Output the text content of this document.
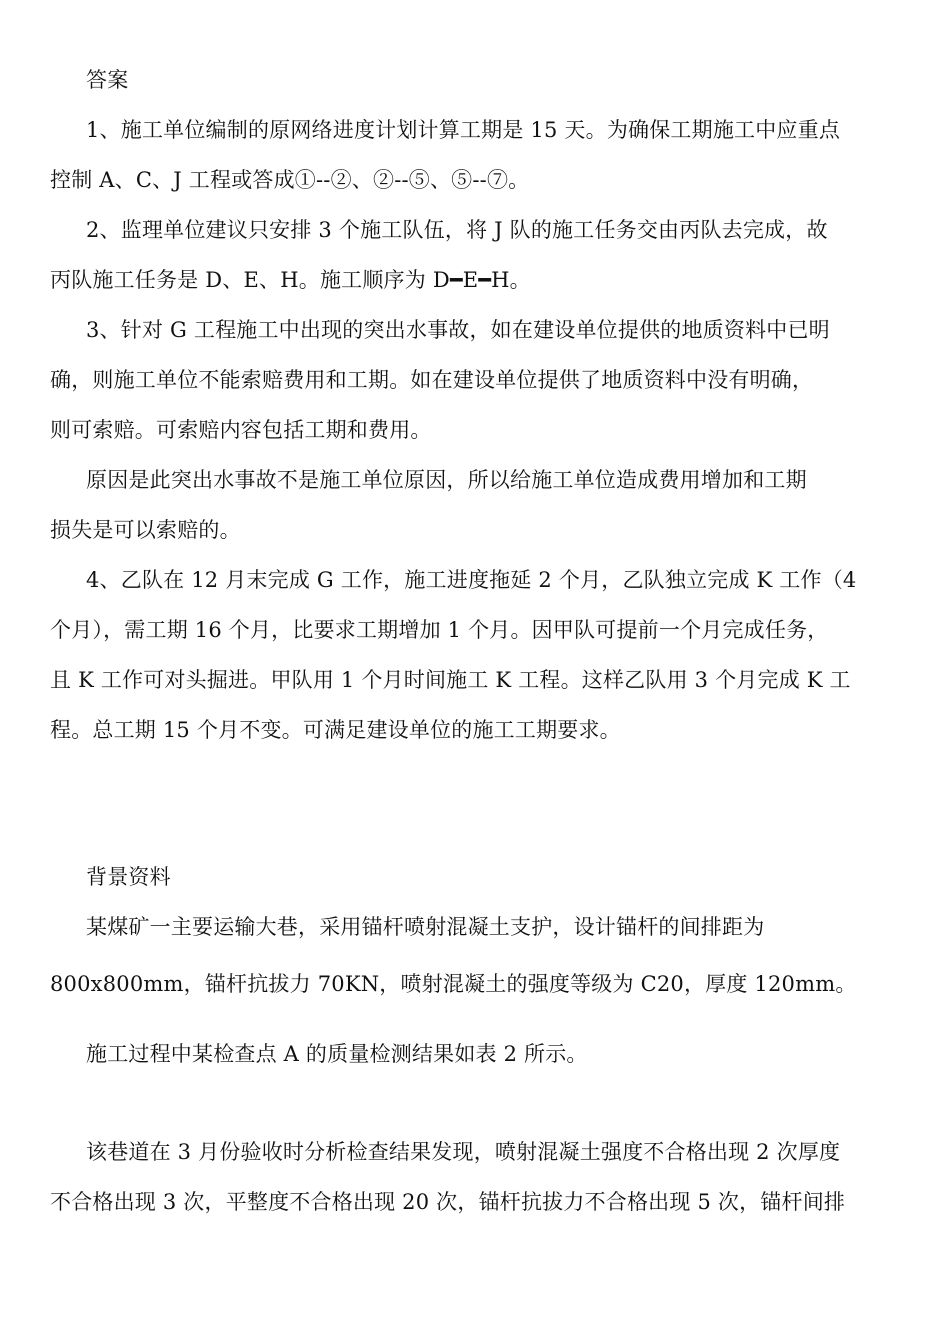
答案
1、施工单位编制的原网络进度计划计算工期是 15 天。为确保工期施工中应重点
控制 A、C、J 工程或答成①--②、②--⑤、⑤--⑦。
2、监理单位建议只安排 3 个施工队伍，将 J 队的施工任务交由丙队去完成，故
丙队施工任务是 D、E、H。施工顺序为 D━E━H。
3、针对 G 工程施工中出现的突出水事故，如在建设单位提供的地质资料中已明
确，则施工单位不能索赔费用和工期。如在建设单位提供了地质资料中没有明确，
则可索赔。可索赔内容包括工期和费用。
原因是此突出水事故不是施工单位原因，所以给施工单位造成费用增加和工期
损失是可以索赔的。
4、乙队在 12 月末完成 G 工作，施工进度拖延 2 个月，乙队独立完成 K 工作（4
个月），需工期 16 个月，比要求工期增加 1 个月。因甲队可提前一个月完成任务，
且 K 工作可对头掘进。甲队用 1 个月时间施工 K 工程。这样乙队用 3 个月完成 K 工
程。总工期 15 个月不变。可满足建设单位的施工工期要求。
背景资料
某煤矿一主要运输大巷，采用锚杆喷射混凝土支护，设计锚杆的间排距为
800x800mm，锚杆抗拔力 70KN，喷射混凝土的强度等级为 C20，厚度 120mm。
施工过程中某检查点 A 的质量检测结果如表 2 所示。
该巷道在 3 月份验收时分析检查结果发现，喷射混凝土强度不合格出现 2 次厚度
不合格出现 3 次，平整度不合格出现 20 次，锚杆抗拔力不合格出现 5 次，锚杆间排
